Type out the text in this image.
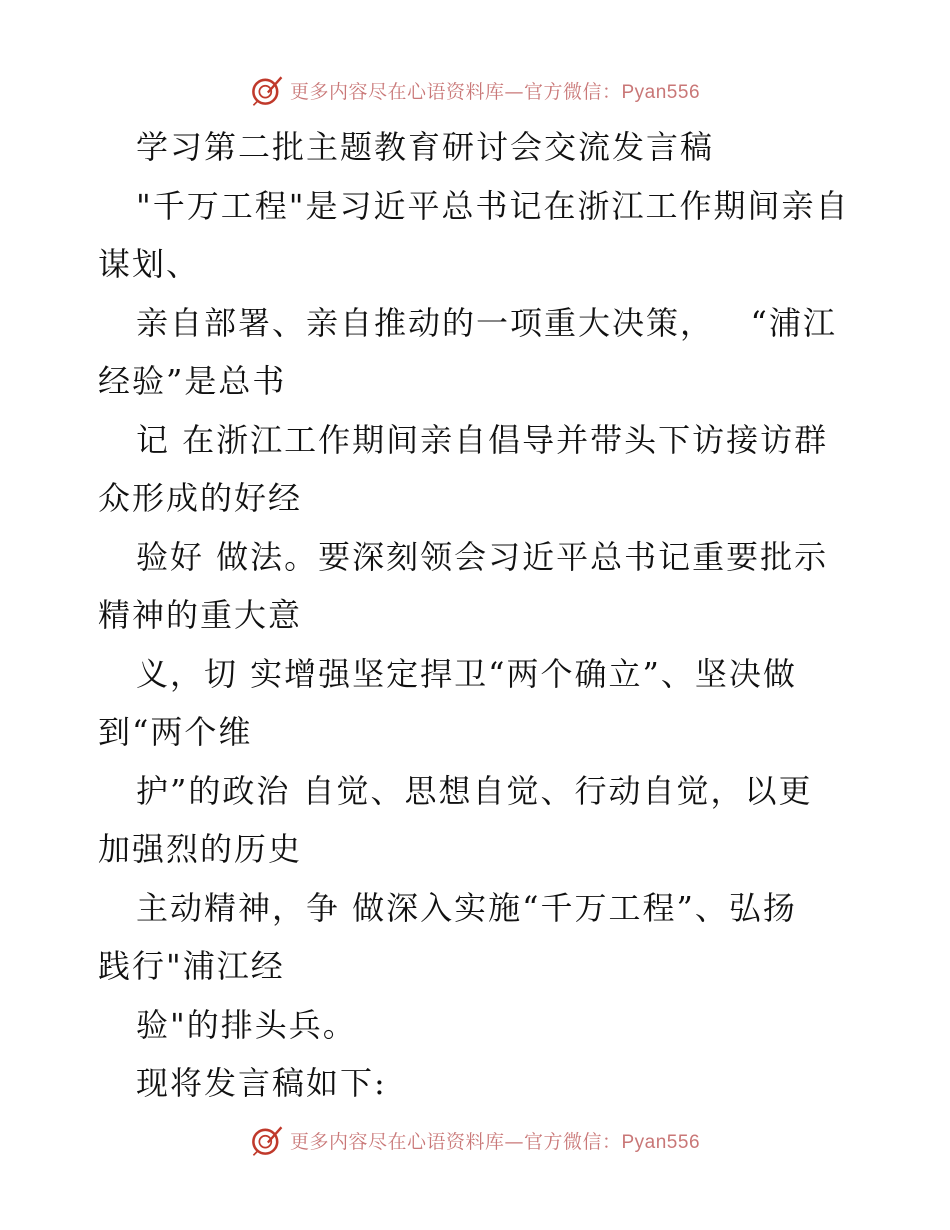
更多内容尽在心语资料库—官方微信：Pyan556
学习第二批主题教育研讨会交流发言稿
"千万工程"是习近平总书记在浙江工作期间亲自
谋划、
亲自部署、亲自推动的一项重大决策，   “浦江
经验”是总书
记 在浙江工作期间亲自倡导并带头下访接访群
众形成的好经
验好 做法。要深刻领会习近平总书记重要批示
精神的重大意
义，切 实增强坚定捍卫“两个确立”、坚决做
到“两个维
护”的政治 自觉、思想自觉、行动自觉，以更
加强烈的历史
主动精神，争 做深入实施“千万工程”、弘扬
践行"浦江经
验"的排头兵。
现将发言稿如下:
更多内容尽在心语资料库—官方微信：Pyan556
